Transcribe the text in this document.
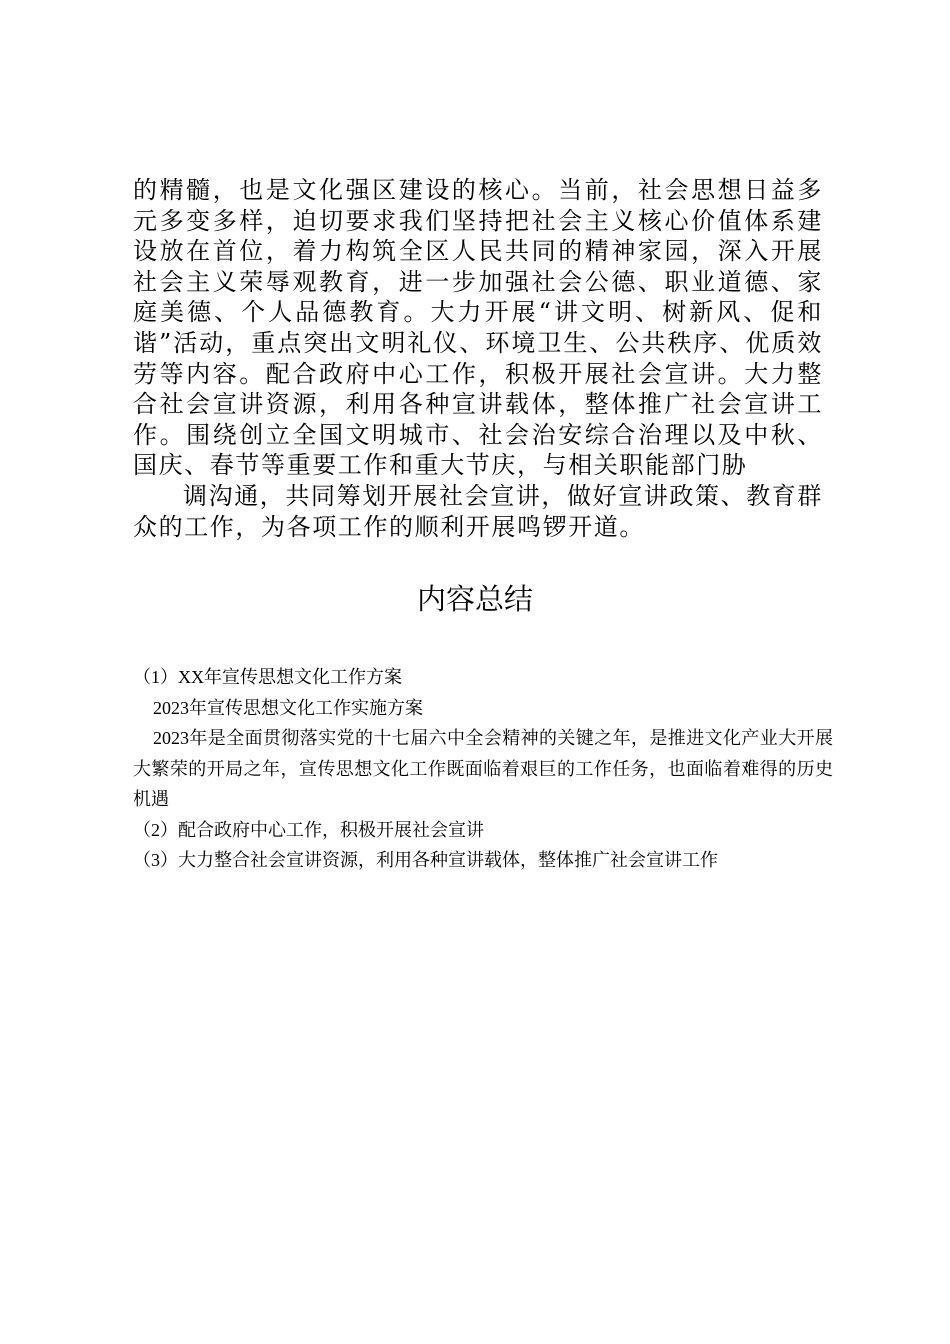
的精髓，也是文化强区建设的核心。当前，社会思想日益多元多变多样，迫切要求我们坚持把社会主义核心价值体系建设放在首位，着力构筑全区人民共同的精神家园，深入开展社会主义荣辱观教育，进一步加强社会公德、职业道德、家庭美德、个人品德教育。大力开展“讲文明、树新风、促和谐”活动，重点突出文明礼仪、环境卫生、公共秩序、优质效劳等内容。配合政府中心工作，积极开展社会宣讲。大力整合社会宣讲资源，利用各种宣讲载体，整体推广社会宣讲工作。围绕创立全国文明城市、社会治安综合治理以及中秋、国庆、春节等重要工作和重大节庆，与相关职能部门胁

调沟通，共同筹划开展社会宣讲，做好宣讲政策、教育群众的工作，为各项工作的顺利开展鸣锣开道。

内容总结
（1）XX年宣传思想文化工作方案
2023年宣传思想文化工作实施方案
2023年是全面贯彻落实党的十七届六中全会精神的关键之年，是推进文化产业大开展大繁荣的开局之年，宣传思想文化工作既面临着艰巨的工作任务，也面临着难得的历史机遇
（2）配合政府中心工作，积极开展社会宣讲
（3）大力整合社会宣讲资源，利用各种宣讲载体，整体推广社会宣讲工作
